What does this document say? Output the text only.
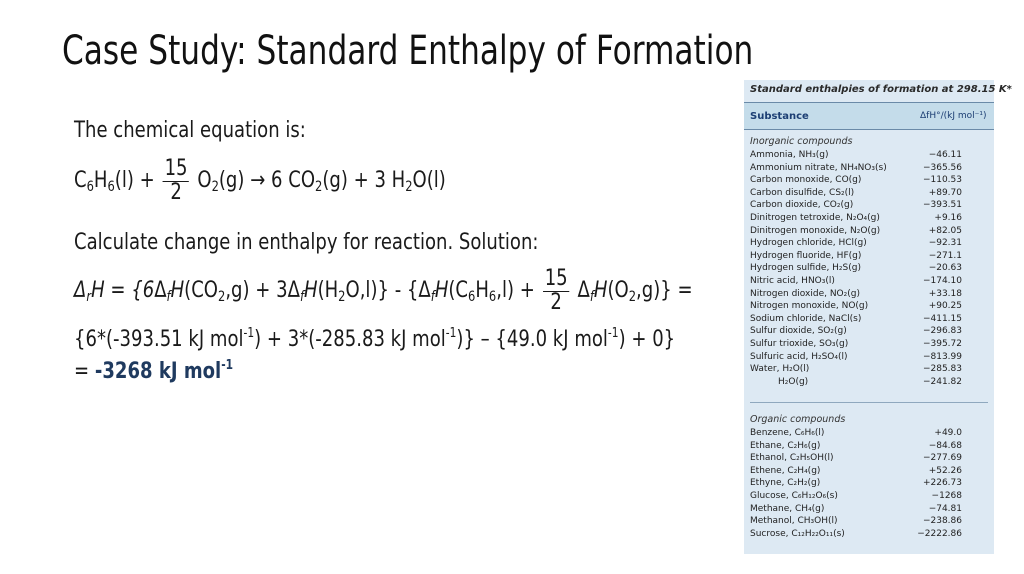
Case Study: Standard Enthalpy of Formation
The chemical equation is:
$C_6H_6(l) + \frac{15}{2} O_2(g) \to 6$ $CO_2(g) + 3$ $H_2O(l)$
Calculate change in enthalpy for reaction. Solution:
$\Delta_rH = \{6\Delta_fH(CO_2,g) + 3\Delta_fH(H_2O,l)\} - \{\Delta_fH(C_6H_6,l) + \frac{15}{2} \Delta_fH(O_2,g)\}$ =
{6*(-393.51 kJ mol$^{-1}$) + 3*(-285.83 kJ mol$^{-1}$)} – {49.0 kJ mol$^{-1}$) + 0}
= -3268 kJ mol$^{-1}$
Standard enthalpies of formation at 298.15 K*
Substance	ΔfH°/(kJ mol⁻¹)
Inorganic compounds
Ammonia, NH₃(g)	−46.11
Ammonium nitrate, NH₄NO₃(s)	−365.56
Carbon monoxide, CO(g)	−110.53
Carbon disulfide, CS₂(l)	+89.70
Carbon dioxide, CO₂(g)	−393.51
Dinitrogen tetroxide, N₂O₄(g)	+9.16
Dinitrogen monoxide, N₂O(g)	+82.05
Hydrogen chloride, HCl(g)	−92.31
Hydrogen fluoride, HF(g)	−271.1
Hydrogen sulfide, H₂S(g)	−20.63
Nitric acid, HNO₃(l)	−174.10
Nitrogen dioxide, NO₂(g)	+33.18
Nitrogen monoxide, NO(g)	+90.25
Sodium chloride, NaCl(s)	−411.15
Sulfur dioxide, SO₂(g)	−296.83
Sulfur trioxide, SO₃(g)	−395.72
Sulfuric acid, H₂SO₄(l)	−813.99
Water, H₂O(l)	−285.83
H₂O(g)	−241.82
Organic compounds
Benzene, C₆H₆(l)	+49.0
Ethane, C₂H₆(g)	−84.68
Ethanol, C₂H₅OH(l)	−277.69
Ethene, C₂H₄(g)	+52.26
Ethyne, C₂H₂(g)	+226.73
Glucose, C₆H₁₂O₆(s)	−1268
Methane, CH₄(g)	−74.81
Methanol, CH₃OH(l)	−238.86
Sucrose, C₁₂H₂₂O₁₁(s)	−2222.86
